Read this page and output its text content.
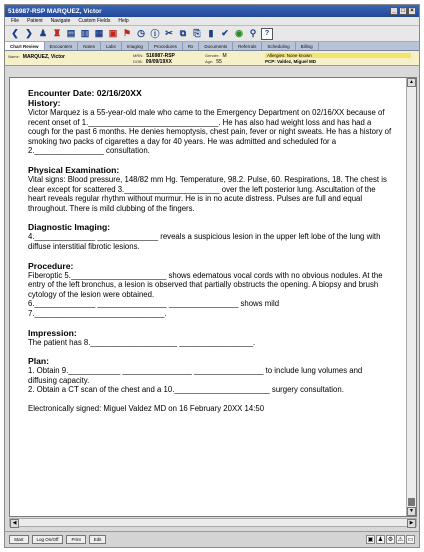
516987-RSP MARQUEZ, Victor	_ □ ×
File Patient Navigate Custom Fields Help
❮ ❯ ♟ ♜ ▤ ▥ ▦ ▣ ⚑ ◷ ⓘ ✂ ⧉ ⎘ ▮ ✔ ◉ ⚲	?
Chart Review	Encounters	Notes	Labs	Imaging	Procedures	Rx	Documents	Referrals	Scheduling	Billing
Name: MARQUEZ, Victor	MRN: 516987-RSP
DOB: 09/09/19XX
Gender: M
Age: 55
Allergies: None known
PCP: Valdez, Miguel MD
Encounter Date: 02/16/20XX
History:

Victor Marquez is a 55-year-old male who came to the Emergency Department on 02/16/XX because of recent onset of 1.______________________________. He has also had weight loss and has had a cough for the past 6 months. He denies hemoptysis, chest pain, fever or night sweats. He has a history of smoking two packs of cigarettes a day for 40 years. He was admitted and scheduled for a 2.________________ consultation.

Physical Examination:

Vital signs: Blood pressure, 148/82 mm Hg. Temperature, 98.2. Pulse, 60. Respirations, 18. The chest is clear except for scattered 3.______________________ over the left posterior lung. Ascultation of the heart reveals regular rhythm without murmur. He is in no acute distress. Pulses are full and equal throughout. There is mild clubbing of the fingers.

Diagnostic Imaging:

4.______________ ______________ reveals a suspicious lesion in the upper left lobe of the lung with diffuse interstitial fibrotic lesions.

Procedure:

Fiberoptic 5.______________________ shows edematous vocal cords with no obvious nodules. At the entry of the left bronchus, a lesion is observed that partially obstructs the opening. A biopsy and brush cytology of the lesion were obtained.

6.______________ ________________ ________________ shows mild

7.______________________________.

Impression:

The patient has 8.____________________ _________________.

Plan:

1. Obtain 9.____________ ________________ ________________ to include lung volumes and diffusing capacity.

2. Obtain a CT scan of the chest and a 10.______________________ surgery consultation.

Electronically signed: Miguel Valdez MD on 16 February 20XX 14:50

▲
▼
◀	▶
Start	Log On/Off	Print	Edit	▣ ♟ ⚙ ⚠ ▭
